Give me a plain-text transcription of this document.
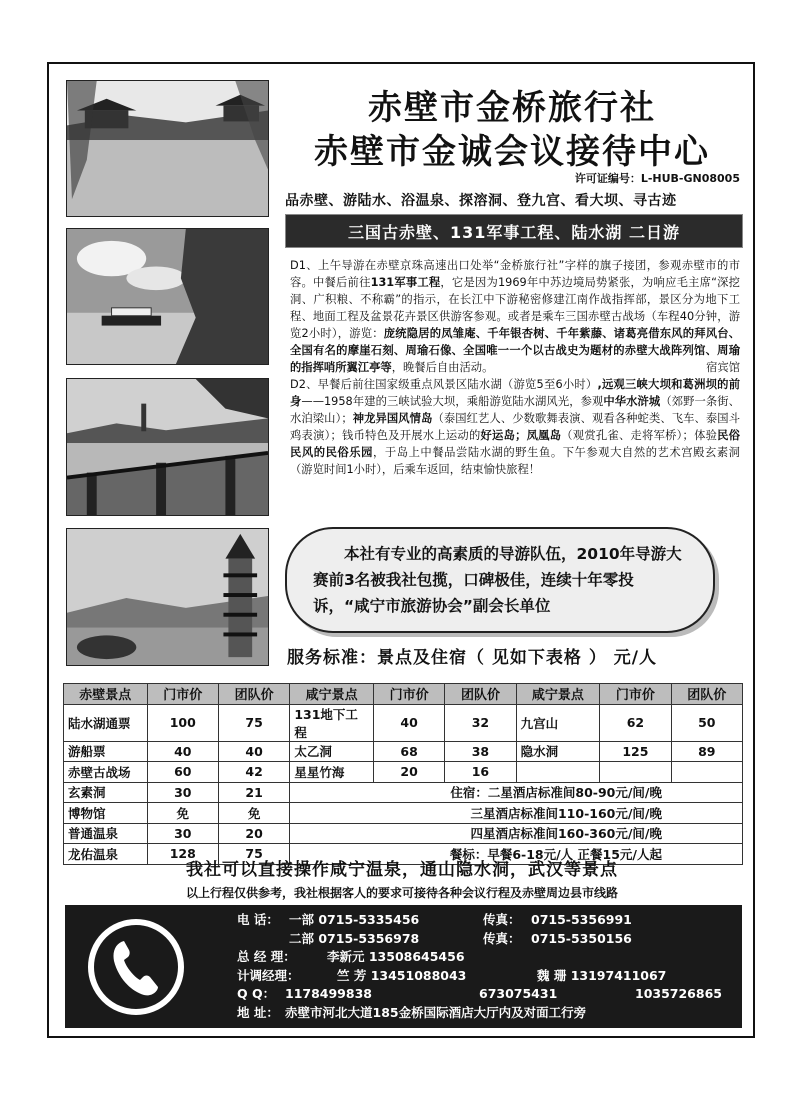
赤壁市金桥旅行社
赤壁市金诚会议接待中心
许可证编号：L-HUB-GN08005
品赤壁、游陆水、浴温泉、探溶洞、登九宫、看大坝、寻古迹
三国古赤壁、131军事工程、陆水湖 二日游

D1、上午导游在赤壁京珠高速出口处举“金桥旅行社”字样的旗子接团，参观赤壁市的市容。中餐后前往131军事工程，它是因为1969年中苏边境局势紧张，为响应毛主席“深挖洞、广积粮、不称霸”的指示，在长江中下游秘密修建江南作战指挥部，景区分为地下工程、地面工程及盆景花卉景区供游客参观。或者是乘车三国赤壁古战场（车程40分钟，游览2小时），游览：庞统隐居的凤雏庵、千年银杏树、千年紫藤、诸葛亮借东风的拜风台、全国有名的摩崖石刻、周瑜石像、全国唯一一个以古战史为题材的赤壁大战阵列馆、周瑜的指挥哨所翼江亭等，晚餐后自由活动。	宿宾馆

D2、早餐后前往国家级重点风景区陆水湖（游览5至6小时）,远观三峡大坝和葛洲坝的前身——1958年建的三峡试验大坝，乘船游览陆水湖风光，参观中华水浒城（郊野一条街、水泊梁山）；神龙异国风情岛（泰国红艺人、少数歌舞表演、观看各种蛇类、飞车、泰国斗鸡表演）；钱币特色及开展水上运动的好运岛；凤凰岛（观赏孔雀、走将军桥）；体验民俗民风的民俗乐园，于岛上中餐品尝陆水湖的野生鱼。下午参观大自然的艺术宫殿玄素洞（游览时间1小时），后乘车返回，结束愉快旅程！

本社有专业的高素质的导游队伍，2010年导游大赛前3名被我社包揽，口碑极佳，连续十年零投诉，“咸宁市旅游协会”副会长单位
服务标准：景点及住宿（ 见如下表格 ） 元/人
赤壁景点	门市价	团队价	咸宁景点	门市价	团队价	咸宁景点	门市价	团队价
陆水湖通票	100	75	131地下工程	40	32	九宫山	62	50
游船票	40	40	太乙洞	68	38	隐水洞	125	89
赤壁古战场	60	42	星星竹海	20	16			
玄素洞	30	21	住宿：二星酒店标准间80-90元/间/晚					
博物馆	免	免	三星酒店标准间110-160元/间/晚					
普通温泉	30	20	四星酒店标准间160-360元/间/晚					
龙佑温泉	128	75	餐标：早餐6-18元/人 正餐15元/人起					
我社可以直接操作咸宁温泉，通山隐水洞，武汉等景点
以上行程仅供参考，我社根据客人的要求可接待各种会议行程及赤壁周边县市线路
电 话： 一部 0715-5335456	传真： 0715-5356991
二部 0715-5356978	传真： 0715-5350156
总 经 理：	李新元 13508645456
计调经理：	竺 芳 13451088043	魏 珊 13197411067
Q Q： 1178499838	673075431	1035726865
地 址： 赤壁市河北大道185金桥国际酒店大厅内及对面工行旁
